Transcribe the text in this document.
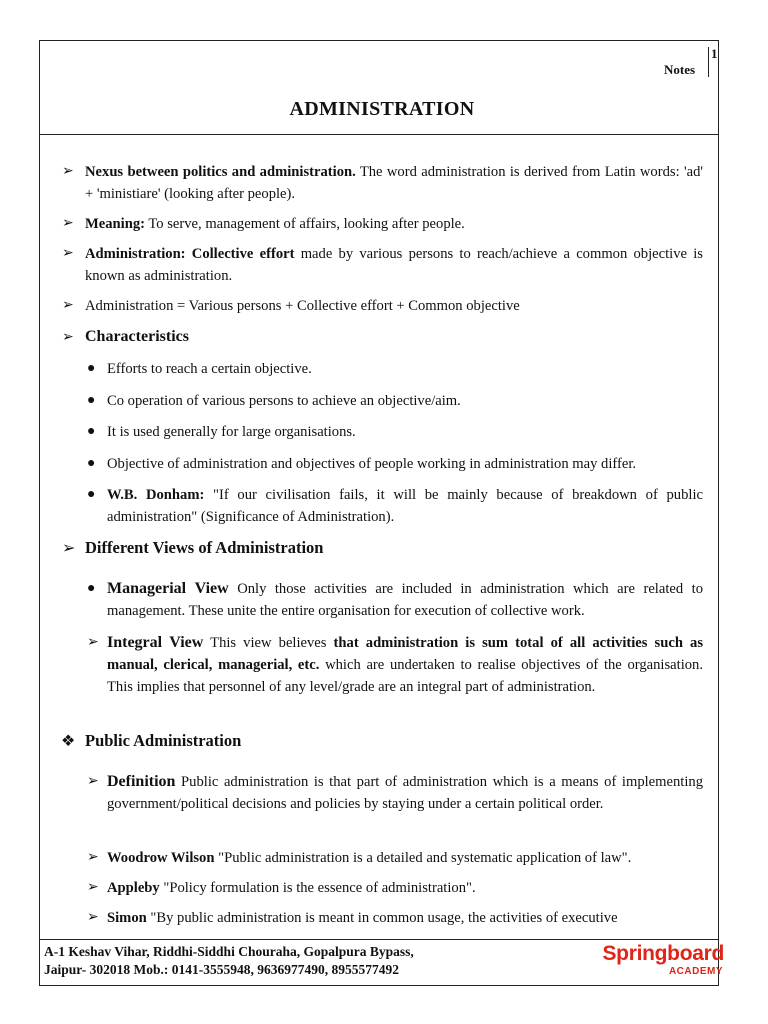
Notes
1
ADMINISTRATION
➢ Nexus between politics and administration. The word administration is derived from Latin words: 'ad' + 'ministiare' (looking after people).
➢ Meaning: To serve, management of affairs, looking after people.
➢ Administration: Collective effort made by various persons to reach/achieve a common objective is known as administration.
➢ Administration = Various persons + Collective effort + Common objective
➢ Characteristics
● Efforts to reach a certain objective.
● Co operation of various persons to achieve an objective/aim.
● It is used generally for large organisations.
● Objective of administration and objectives of people working in administration may differ.
● W.B. Donham: "If our civilisation fails, it will be mainly because of breakdown of public administration" (Significance of Administration).
➢ Different Views of Administration
● Managerial View Only those activities are included in administration which are related to management. These unite the entire organisation for execution of collective work.
➢ Integral View This view believes that administration is sum total of all activities such as manual, clerical, managerial, etc. which are undertaken to realise objectives of the organisation. This implies that personnel of any level/grade are an integral part of administration.
❖ Public Administration
➢ Definition Public administration is that part of administration which is a means of implementing government/political decisions and policies by staying under a certain political order.
➢ Woodrow Wilson "Public administration is a detailed and systematic application of law".
➢ Appleby "Policy formulation is the essence of administration".
➢ Simon "By public administration is meant in common usage, the activities of executive
A-1 Keshav Vihar, Riddhi-Siddhi Chouraha, Gopalpura Bypass,
Jaipur- 302018 Mob.: 0141-3555948, 9636977490, 8955577492
Springboard
ACADEMY
